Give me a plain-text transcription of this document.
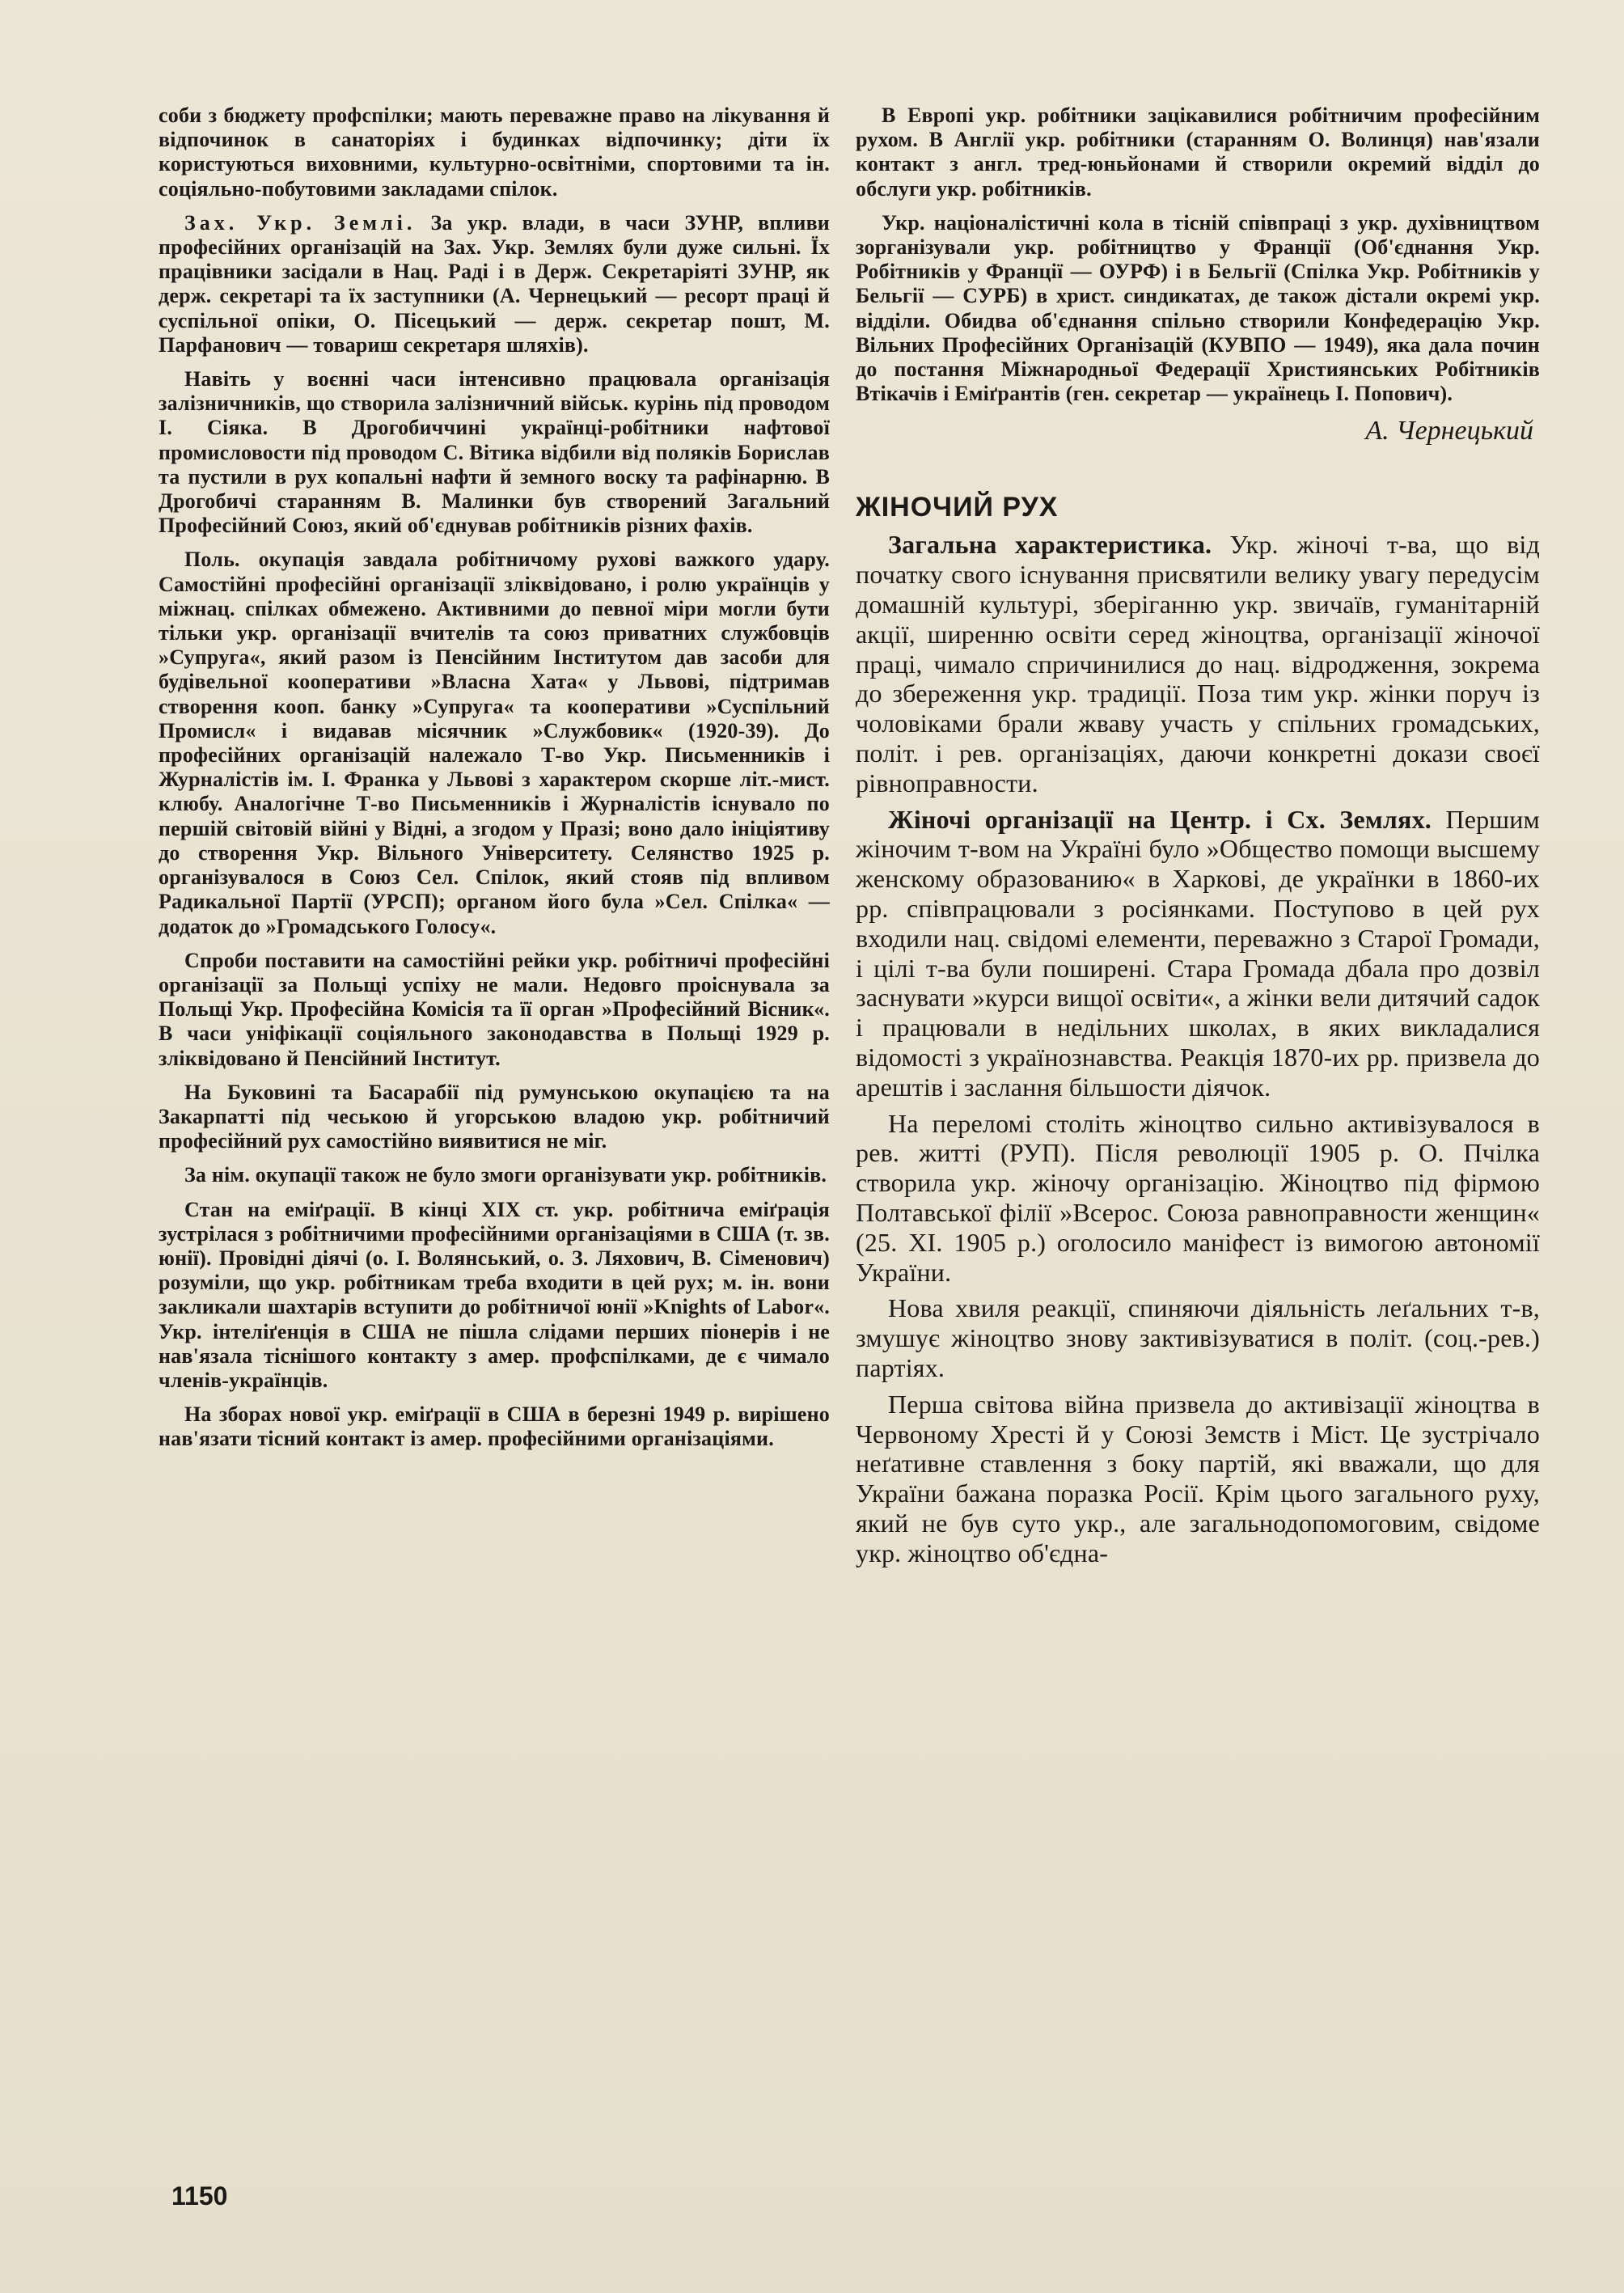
соби з бюджету профспілки; мають переважне право на лікування й відпочинок в санаторіях і будинках відпочинку; діти їх користуються виховними, культурно-освітніми, спортовими та ін. соціяльно-побутовими закладами спілок.

Зах. Укр. Землі. За укр. влади, в часи ЗУНР, впливи професійних організацій на Зах. Укр. Землях були дуже сильні. Їх працівники засідали в Нац. Раді і в Держ. Секретаріяті ЗУНР, як держ. секретарі та їх заступники (А. Чернецький — ресорт праці й суспільної опіки, О. Пісецький — держ. секретар пошт, М. Парфанович — товариш секретаря шляхів).

Навіть у воєнні часи інтенсивно працювала організація залізничників, що створила залізничний військ. курінь під проводом І. Сіяка. В Дрогобиччині українці-робітники нафтової промисловости під проводом С. Вітика відбили від поляків Борислав та пустили в рух копальні нафти й земного воску та рафінарню. В Дрогобичі старанням В. Малинки був створений Загальний Професійний Союз, який об'єднував робітників різних фахів.

Поль. окупація завдала робітничому рухові важкого удару. Самостійні професійні організації зліквідовано, і ролю українців у міжнац. спілках обмежено. Активними до певної міри могли бути тільки укр. організації вчителів та союз приватних службовців »Супруга«, який разом із Пенсійним Інститутом дав засоби для будівельної кооперативи »Власна Хата« у Львові, підтримав створення кооп. банку »Супруга« та кооперативи »Суспільний Промисл« і видавав місячник »Службовик« (1920-39). До професійних організацій належало Т-во Укр. Письменників і Журналістів ім. І. Франка у Львові з характером скорше літ.-мист. клюбу. Аналогічне Т-во Письменників і Журналістів існувало по першій світовій війні у Відні, а згодом у Празі; воно дало ініціятиву до створення Укр. Вільного Університету. Селянство 1925 р. організувалося в Союз Сел. Спілок, який стояв під впливом Радикальної Партії (УРСП); органом його була »Сел. Спілка« — додаток до »Громадського Голосу«.

Спроби поставити на самостійні рейки укр. робітничі професійні організації за Польщі успіху не мали. Недовго проіснувала за Польщі Укр. Професійна Комісія та її орган »Професійний Вісник«. В часи уніфікації соціяльного законодавства в Польщі 1929 р. зліквідовано й Пенсійний Інститут.

На Буковині та Басарабії під румунською окупацією та на Закарпатті під чеською й угорською владою укр. робітничий професійний рух самостійно виявитися не міг.

За нім. окупації також не було змоги організувати укр. робітників.

Стан на еміґрації. В кінці XIX ст. укр. робітнича еміґрація зустрілася з робітничими професійними організаціями в США (т. зв. юнії). Провідні діячі (о. І. Волянський, о. З. Ляхович, В. Сіменович) розуміли, що укр. робітникам треба входити в цей рух; м. ін. вони закликали шахтарів вступити до робітничої юнії »Knights of Labor«. Укр. інтеліґенція в США не пішла слідами перших піонерів і не нав'язала тіснішого контакту з амер. профспілками, де є чимало членів-українців.

На зборах нової укр. еміґрації в США в березні 1949 р. вирішено нав'язати тісний контакт із амер. професійними організаціями.

В Европі укр. робітники зацікавилися робітничим професійним рухом. В Англії укр. робітники (старанням О. Волинця) нав'язали контакт з англ. тред-юньйонами й створили окремий відділ до обслуги укр. робітників.

Укр. націоналістичні кола в тісній співпраці з укр. духівництвом зорганізували укр. робітництво у Франції (Об'єднання Укр. Робітників у Франції — ОУРФ) і в Бельгії (Спілка Укр. Робітників у Бельгії — СУРБ) в христ. синдикатах, де також дістали окремі укр. відділи. Обидва об'єднання спільно створили Конфедерацію Укр. Вільних Професійних Організацій (КУВПО — 1949), яка дала почин до постання Міжнародньої Федерації Християнських Робітників Втікачів і Еміґрантів (ген. секретар — українець І. Попович).

А. Чернецький
ЖІНОЧИЙ РУХ

Загальна характеристика. Укр. жіночі т-ва, що від початку свого існування присвятили велику увагу передусім домашній культурі, зберіганню укр. звичаїв, гуманітарній акції, ширенню освіти серед жіноцтва, організації жіночої праці, чимало спричинилися до нац. відродження, зокрема до збереження укр. традиції. Поза тим укр. жінки поруч із чоловіками брали жваву участь у спільних громадських, політ. і рев. організаціях, даючи конкретні докази своєї рівноправности.

Жіночі організації на Центр. і Сх. Землях. Першим жіночим т-вом на Україні було »Общество помощи высшему женскому образованию« в Харкові, де українки в 1860-их рр. співпрацювали з росіянками. Поступово в цей рух входили нац. свідомі елементи, переважно з Старої Громади, і цілі т-ва були поширені. Стара Громада дбала про дозвіл заснувати »курси вищої освіти«, а жінки вели дитячий садок і працювали в недільних школах, в яких викладалися відомості з українознавства. Реакція 1870-их рр. призвела до арештів і заслання більшости діячок.

На переломі століть жіноцтво сильно активізувалося в рев. житті (РУП). Після революції 1905 р. О. Пчілка створила укр. жіночу організацію. Жіноцтво під фірмою Полтавської філії »Всерос. Союза равноправности женщин« (25. XI. 1905 р.) оголосило маніфест із вимогою автономії України.

Нова хвиля реакції, спиняючи діяльність леґальних т-в, змушує жіноцтво знову зактивізуватися в політ. (соц.-рев.) партіях.

Перша світова війна призвела до активізації жіноцтва в Червоному Хресті й у Союзі Земств і Міст. Це зустрічало неґативне ставлення з боку партій, які вважали, що для України бажана поразка Росії. Крім цього загального руху, який не був суто укр., але загальнодопомоговим, свідоме укр. жіноцтво об'єдна-

1150
